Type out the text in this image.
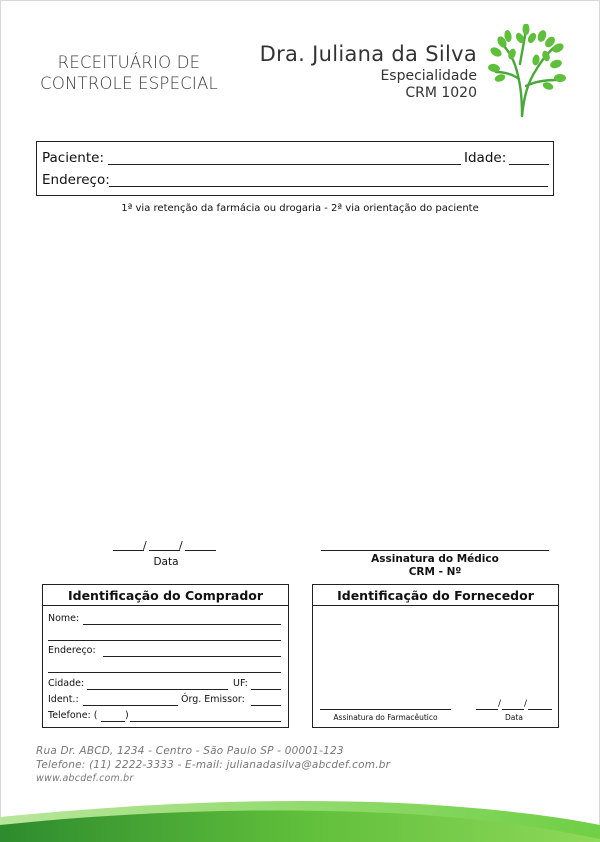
RECEITUÁRIO DE
CONTROLE ESPECIAL
Dra. Juliana da Silva
Especialidade
CRM 1020
Paciente:	Idade:
Endereço:
1ª via retenção da farmácia ou drogaria - 2ª via orientação do paciente
/	/
Data	Assinatura do Médico
CRM - Nº
Identificação do Comprador
Nome:
Endereço:
Cidade:	UF:
Ident.:	Órg. Emissor:
Telefone: (	)
Identificação do Fornecedor
Assinatura do Farmacêutico
/	/
Data
Rua Dr. ABCD, 1234 - Centro - São Paulo SP - 00001-123
Telefone: (11) 2222-3333 - E-mail: julianadasilva@abcdef.com.br
www.abcdef.com.br
